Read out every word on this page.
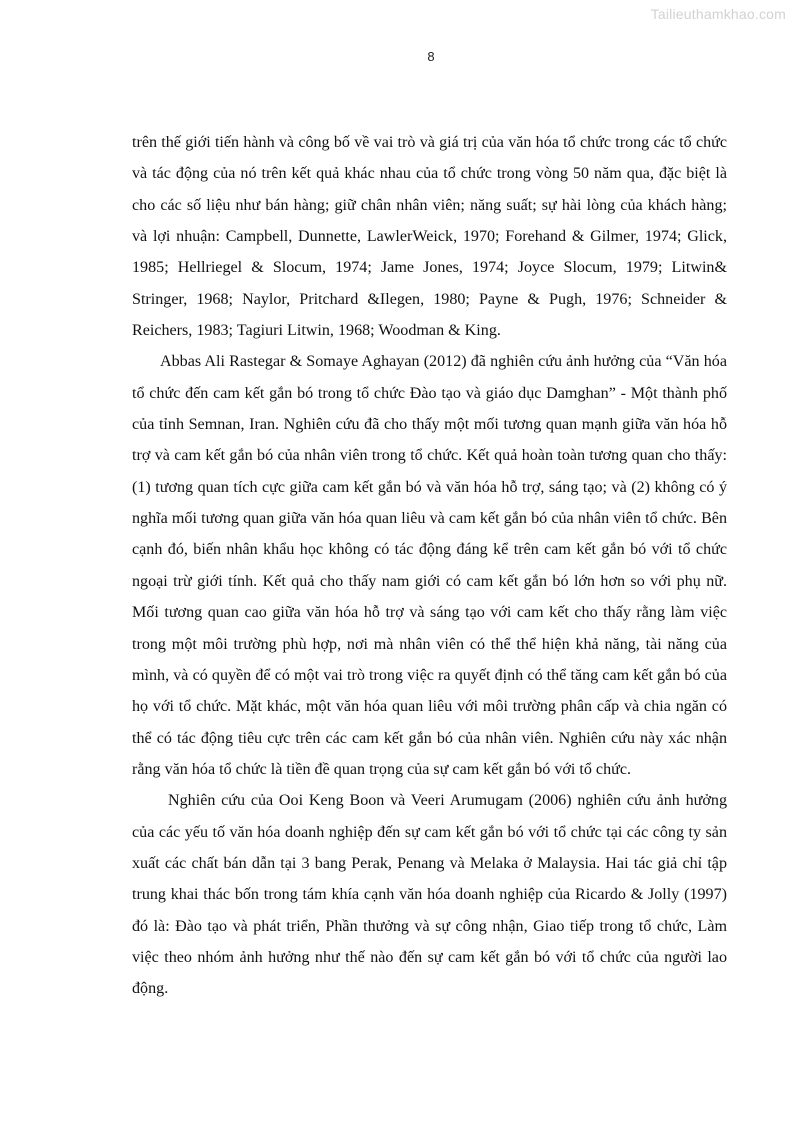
Tailieuthamkhao.com
8

trên thế giới tiến hành và công bố về vai trò và giá trị của văn hóa tổ chức trong các tổ chức và tác động của nó trên kết quả khác nhau của tổ chức trong vòng 50 năm qua, đặc biệt là cho các số liệu như bán hàng; giữ chân nhân viên; năng suất; sự hài lòng của khách hàng; và lợi nhuận: Campbell, Dunnette, LawlerWeick, 1970; Forehand & Gilmer, 1974; Glick, 1985; Hellriegel & Slocum, 1974; Jame Jones, 1974; Joyce Slocum, 1979; Litwin& Stringer, 1968; Naylor, Pritchard &Ilegen, 1980; Payne & Pugh, 1976; Schneider & Reichers, 1983; Tagiuri Litwin, 1968; Woodman & King.

Abbas Ali Rastegar & Somaye Aghayan (2012) đã nghiên cứu ảnh hưởng của “Văn hóa tổ chức đến cam kết gắn bó trong tổ chức Đào tạo và giáo dục Damghan” - Một thành phố của tỉnh Semnan, Iran. Nghiên cứu đã cho thấy một mối tương quan mạnh giữa văn hóa hỗ trợ và cam kết gắn bó của nhân viên trong tổ chức. Kết quả hoàn toàn tương quan cho thấy: (1) tương quan tích cực giữa cam kết gắn bó và văn hóa hỗ trợ, sáng tạo; và (2) không có ý nghĩa mối tương quan giữa văn hóa quan liêu và cam kết gắn bó của nhân viên tổ chức. Bên cạnh đó, biến nhân khẩu học không có tác động đáng kể trên cam kết gắn bó với tổ chức ngoại trừ giới tính. Kết quả cho thấy nam giới có cam kết gắn bó lớn hơn so với phụ nữ. Mối tương quan cao giữa văn hóa hỗ trợ và sáng tạo với cam kết cho thấy rằng làm việc trong một môi trường phù hợp, nơi mà nhân viên có thể thể hiện khả năng, tài năng của mình, và có quyền để có một vai trò trong việc ra quyết định có thể tăng cam kết gắn bó của họ với tổ chức. Mặt khác, một văn hóa quan liêu với môi trường phân cấp và chia ngăn có thể có tác động tiêu cực trên các cam kết gắn bó của nhân viên. Nghiên cứu này xác nhận rằng văn hóa tổ chức là tiền đề quan trọng của sự cam kết gắn bó với tổ chức.

Nghiên cứu của Ooi Keng Boon và Veeri Arumugam (2006) nghiên cứu ảnh hưởng của các yếu tố văn hóa doanh nghiệp đến sự cam kết gắn bó với tổ chức tại các công ty sản xuất các chất bán dẫn tại 3 bang Perak, Penang và Melaka ở Malaysia. Hai tác giả chỉ tập trung khai thác bốn trong tám khía cạnh văn hóa doanh nghiệp của Ricardo & Jolly (1997) đó là: Đào tạo và phát triển, Phần thưởng và sự công nhận, Giao tiếp trong tổ chức, Làm việc theo nhóm ảnh hưởng như thế nào đến sự cam kết gắn bó với tổ chức của người lao động.
